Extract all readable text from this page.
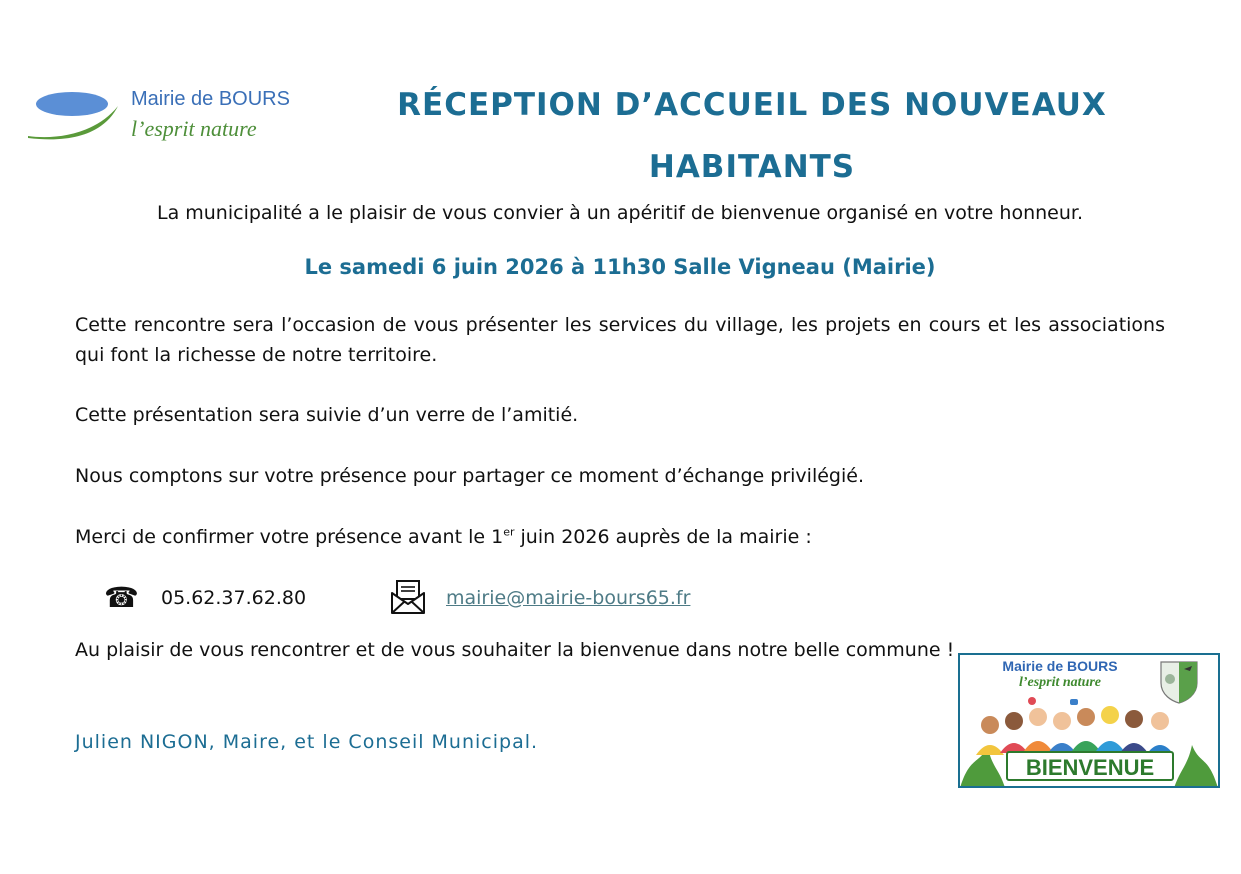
Mairie de BOURS
l’esprit nature
RÉCEPTION D’ACCUEIL DES NOUVEAUX
HABITANTS
La municipalité a le plaisir de vous convier à un apéritif de bienvenue organisé en votre honneur.
Le samedi 6 juin 2026 à 11h30 Salle Vigneau (Mairie)
Cette rencontre sera l’occasion de vous présenter les services du village, les projets en cours et les associations qui font la richesse de notre territoire.
Cette présentation sera suivie d’un verre de l’amitié.
Nous comptons sur votre présence pour partager ce moment d’échange privilégié.
Merci de confirmer votre présence avant le 1er juin 2026 auprès de la mairie :
☎ 05.62.37.62.80	mairie@mairie-bours65.fr
Au plaisir de vous rencontrer et de vous souhaiter la bienvenue dans notre belle commune !
Julien NIGON, Maire, et le Conseil Municipal.
Mairie de BOURS
l’esprit nature
BIENVENUE
